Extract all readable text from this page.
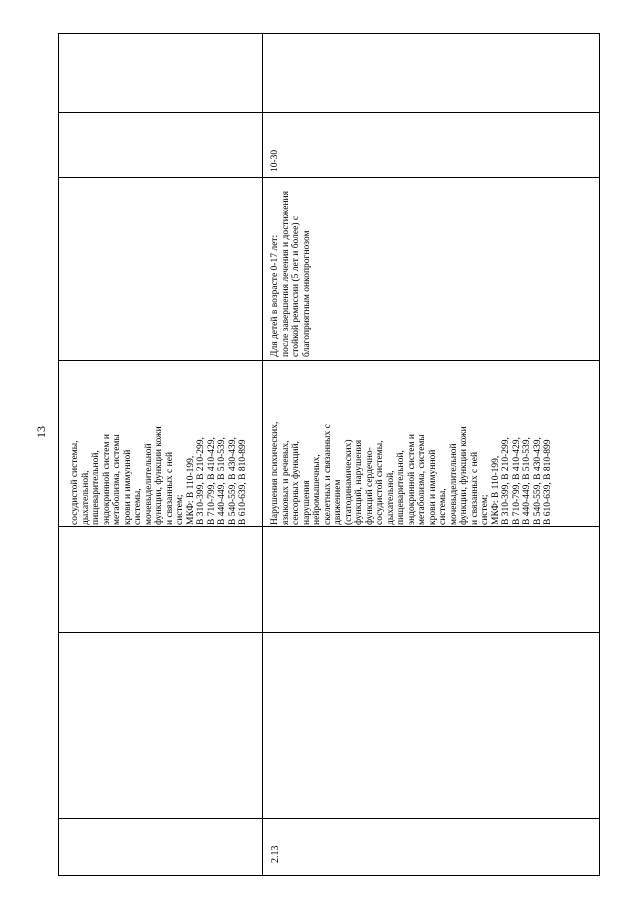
13
сосудистой системы, дыхательной, пищеварительной, эндокринной систем и метаболизма, системы крови и иммунной системы, мочевыделительной функции, функции кожи и связанных с ней систем; МКФ: В 110-199, В 310-399, В 210-299, В 710-799, В 410-429, В 440-449, В 510-539, В 540-559, В 430-439, В 610-639, В 810-899
2.13
Нарушения психических, языковых и речевых, сенсорных функций, нарушения нейромышечных, скелетных и связанных с движением (статодинамических) функций, нарушения функций сердечно- сосудистой системы, дыхательной, пищеварительной, эндокринной систем и метаболизма, системы крови и иммунной системы, мочевыделительной функции, функции кожи и связанных с ней систем; МКФ: В 110-199, В 310-399, В 210-299, В 710-799, В 410-429, В 440-449, В 510-539, В 540-559, В 430-439, В 610-639, В 810-899
Для детей в возрасте 0-17 лет: после завершения лечения и достижения стойкой ремиссии (5 лет и более) с благоприятным онкопрогнозом
10-30
